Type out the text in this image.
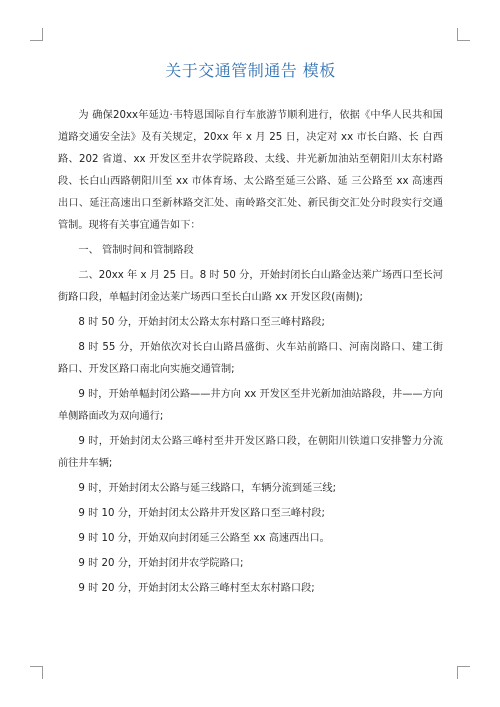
关于交通管制通告 模板

为 确保20xx年延边·韦特恩国际自行车旅游节顺利进行，依据《中华人民共和国道路交通安全法》及有关规定，20xx 年 x 月 25 日，决定对 xx 市长白路、长 白西路、202 省道、xx 开发区至井农学院路段、太线、井光新加油站至朝阳川太东村路段、长白山西路朝阳川至 xx 市体育场、太公路至延三公路、延 三公路至 xx 高速西出口、延汪高速出口至新林路交汇处、南岭路交汇处、新民街交汇处分时段实行交通管制。现将有关事宜通告如下：

一、 管制时间和管制路段

二、20xx 年 x 月 25 日。8 时 50 分，开始封闭长白山路金达莱广场西口至长河街路口段，单幅封闭金达莱广场西口至长白山路 xx 开发区段(南侧);

8 时 50 分，开始封闭太公路太东村路口至三峰村路段;

8 时 55 分，开始依次对长白山路昌盛街、火车站前路口、河南岗路口、建工街路口、开发区路口南北向实施交通管制;

9 时，开始单幅封闭公路——井方向 xx 开发区至井光新加油站路段，井——方向单侧路面改为双向通行;

9 时，开始封闭太公路三峰村至井开发区路口段，在朝阳川铁道口安排警力分流前往井车辆;

9 时，开始封闭太公路与延三线路口，车辆分流到延三线;

9 时 10 分，开始封闭太公路井开发区路口至三峰村段;

9 时 10 分，开始双向封闭延三公路至 xx 高速西出口。

9 时 20 分，开始封闭井农学院路口;

9 时 20 分，开始封闭太公路三峰村至太东村路口段;
